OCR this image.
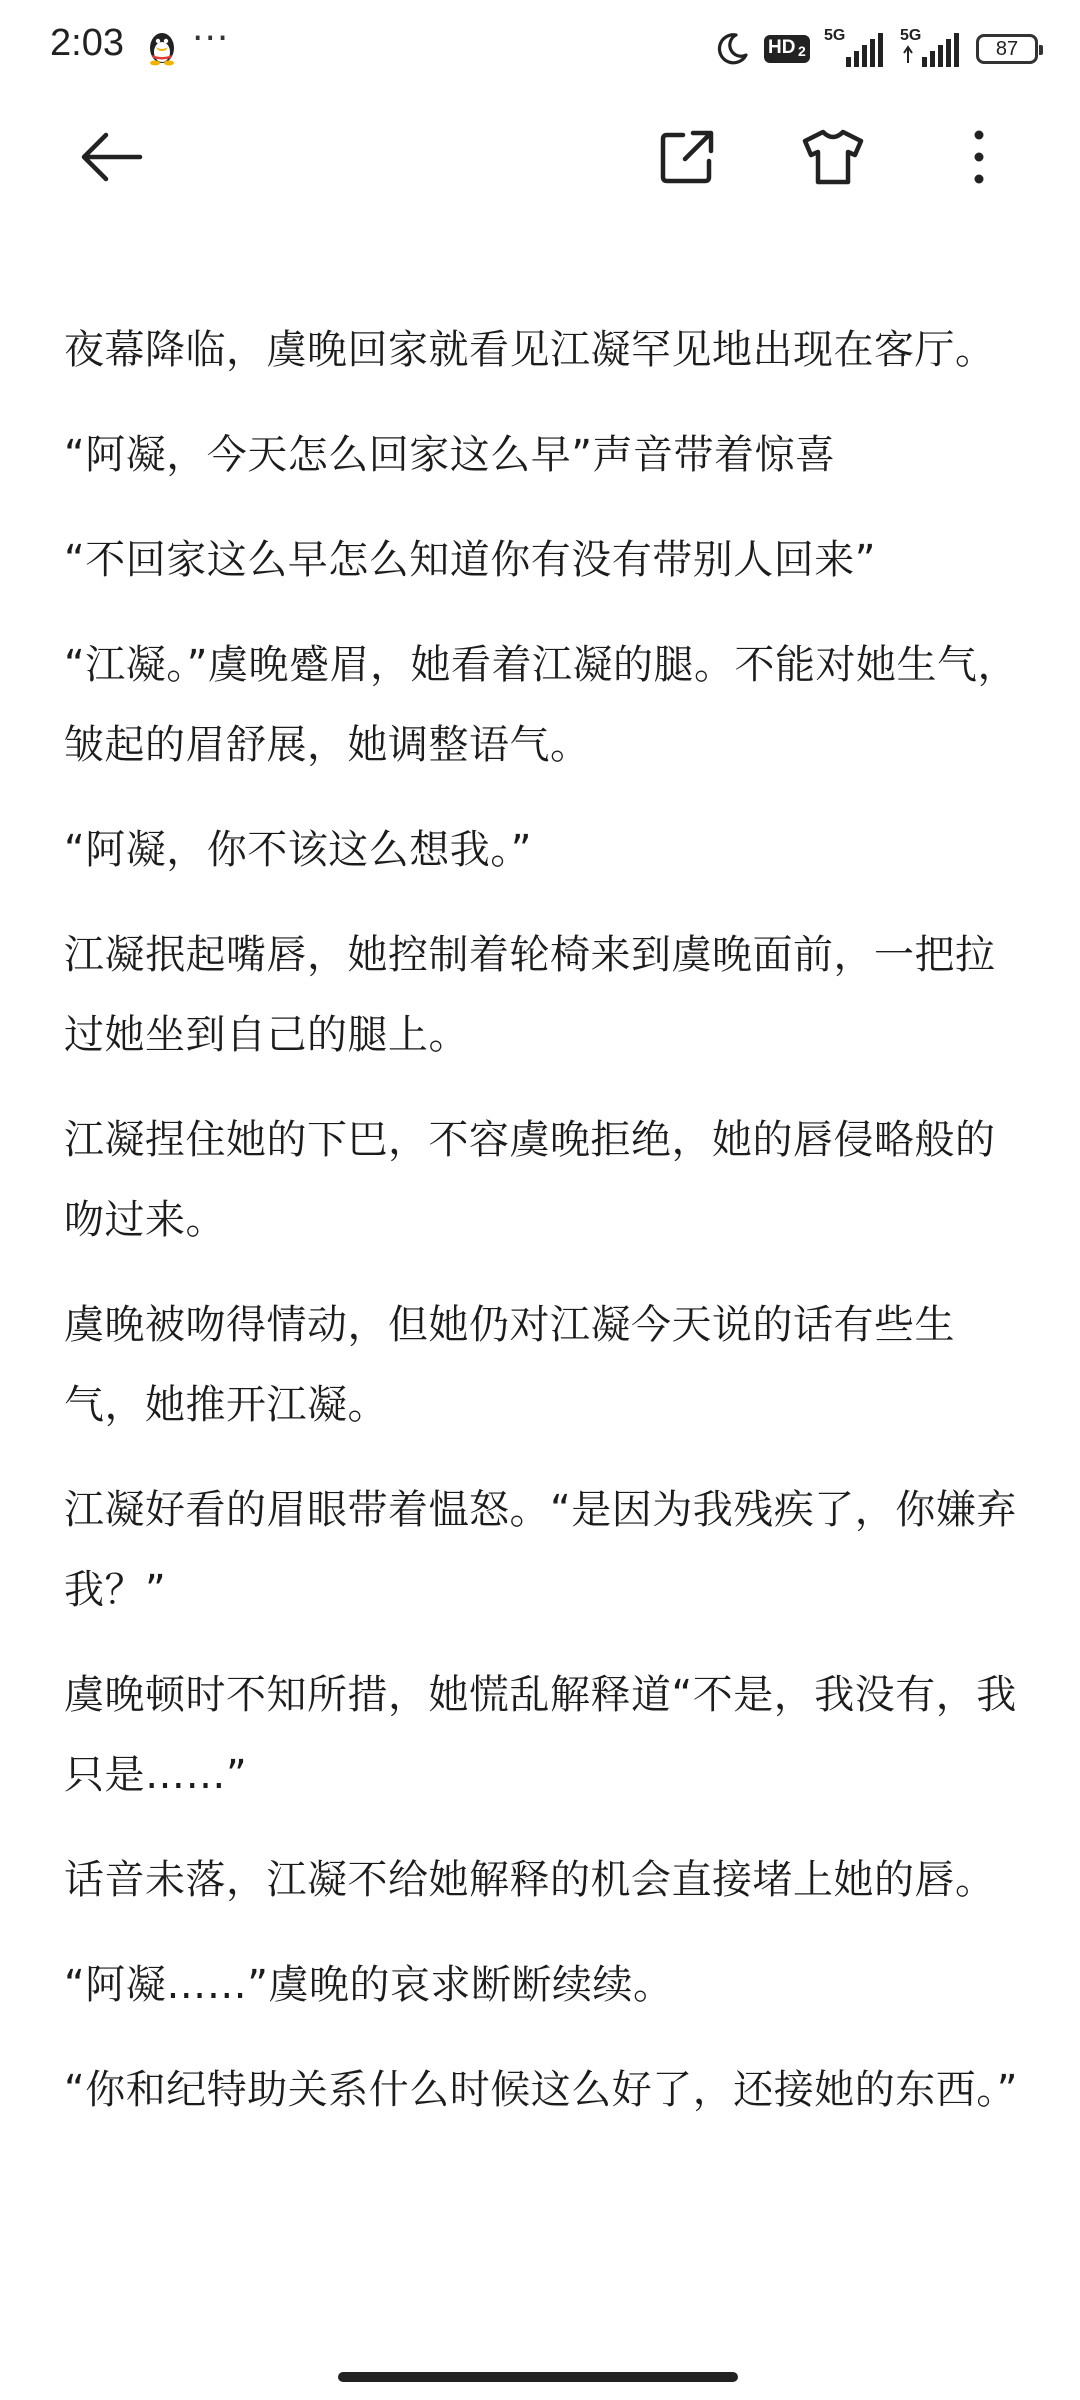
2:03 ···	HD 2
5G	5G
87

夜幕降临，虞晚回家就看见江凝罕见地出现在客厅。

“阿凝，今天怎么回家这么早”声音带着惊喜

“不回家这么早怎么知道你有没有带别人回来”

“江凝。”虞晚蹙眉，她看着江凝的腿。不能对她生气，皱起的眉舒展，她调整语气。

“阿凝，你不该这么想我。”

江凝抿起嘴唇，她控制着轮椅来到虞晚面前，一把拉过她坐到自己的腿上。

江凝捏住她的下巴，不容虞晚拒绝，她的唇侵略般的吻过来。

虞晚被吻得情动，但她仍对江凝今天说的话有些生气，她推开江凝。

江凝好看的眉眼带着愠怒。“是因为我残疾了，你嫌弃我？”

虞晚顿时不知所措，她慌乱解释道“不是，我没有，我只是……”

话音未落，江凝不给她解释的机会直接堵上她的唇。

“阿凝……”虞晚的哀求断断续续。

“你和纪特助关系什么时候这么好了，还接她的东西。”
